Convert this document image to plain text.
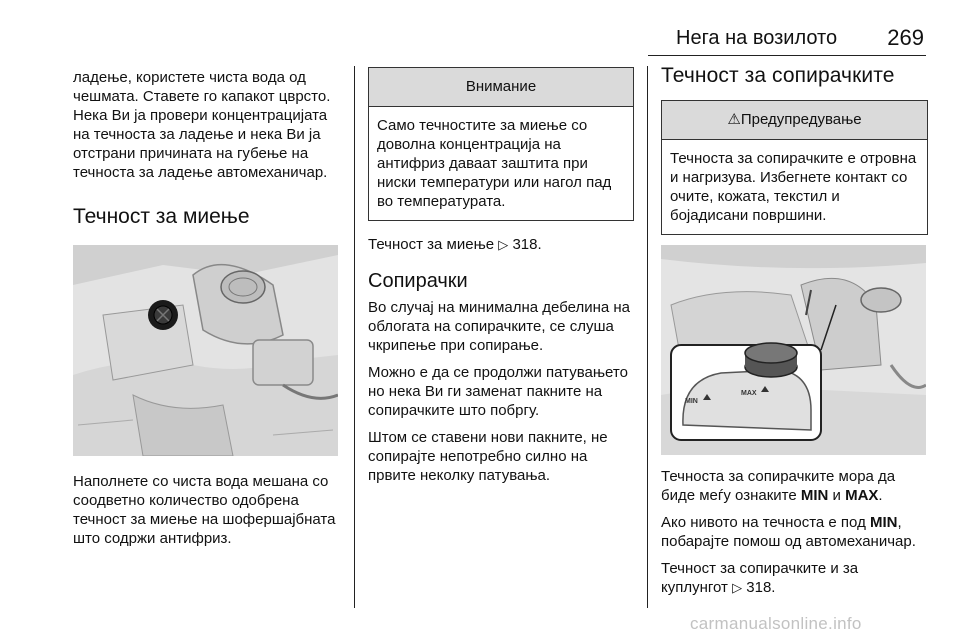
Нега на возилото 269

ладење, користете чиста вода од чешмата. Ставете го капакот цврсто. Нека Ви ја провери концентрацијата на течноста за ладење и нека Ви ја отстрани причината на губење на течноста за ладење автомеханичар.

Течност за миење

Наполнете со чиста вода мешана со соодветно количество одобрена течност за миење на шофершајбната што содржи антифриз.

Внимание
Само течностите за миење со доволна концентрација на антифриз даваат заштита при ниски температури или нагол пад во температурата.

Течност за миење ▷ 318.

Сопирачки

Во случај на минимална дебелина на облогата на сопирачките, се слуша чкрипење при сопирање.

Можно е да се продолжи патувањето но нека Ви ги заменат пакните на сопирачките што побргу.

Штом се ставени нови пакните, не сопирајте непотребно силно на првите неколку патувања.

Течност за сопирачките
⚠Предупредување
Течноста за сопирачките е отровна и нагризува. Избегнете контакт со очите, кожата, текстил и бојадисани површини.
MAX
MIN

Течноста за сопирачките мора да биде меѓу ознаките MIN и MAX.

Ако нивото на течноста е под MIN, побарајте помош од автомеханичар.

Течност за сопирачките и за куплунгот ▷ 318.

carmanualsonline.info
